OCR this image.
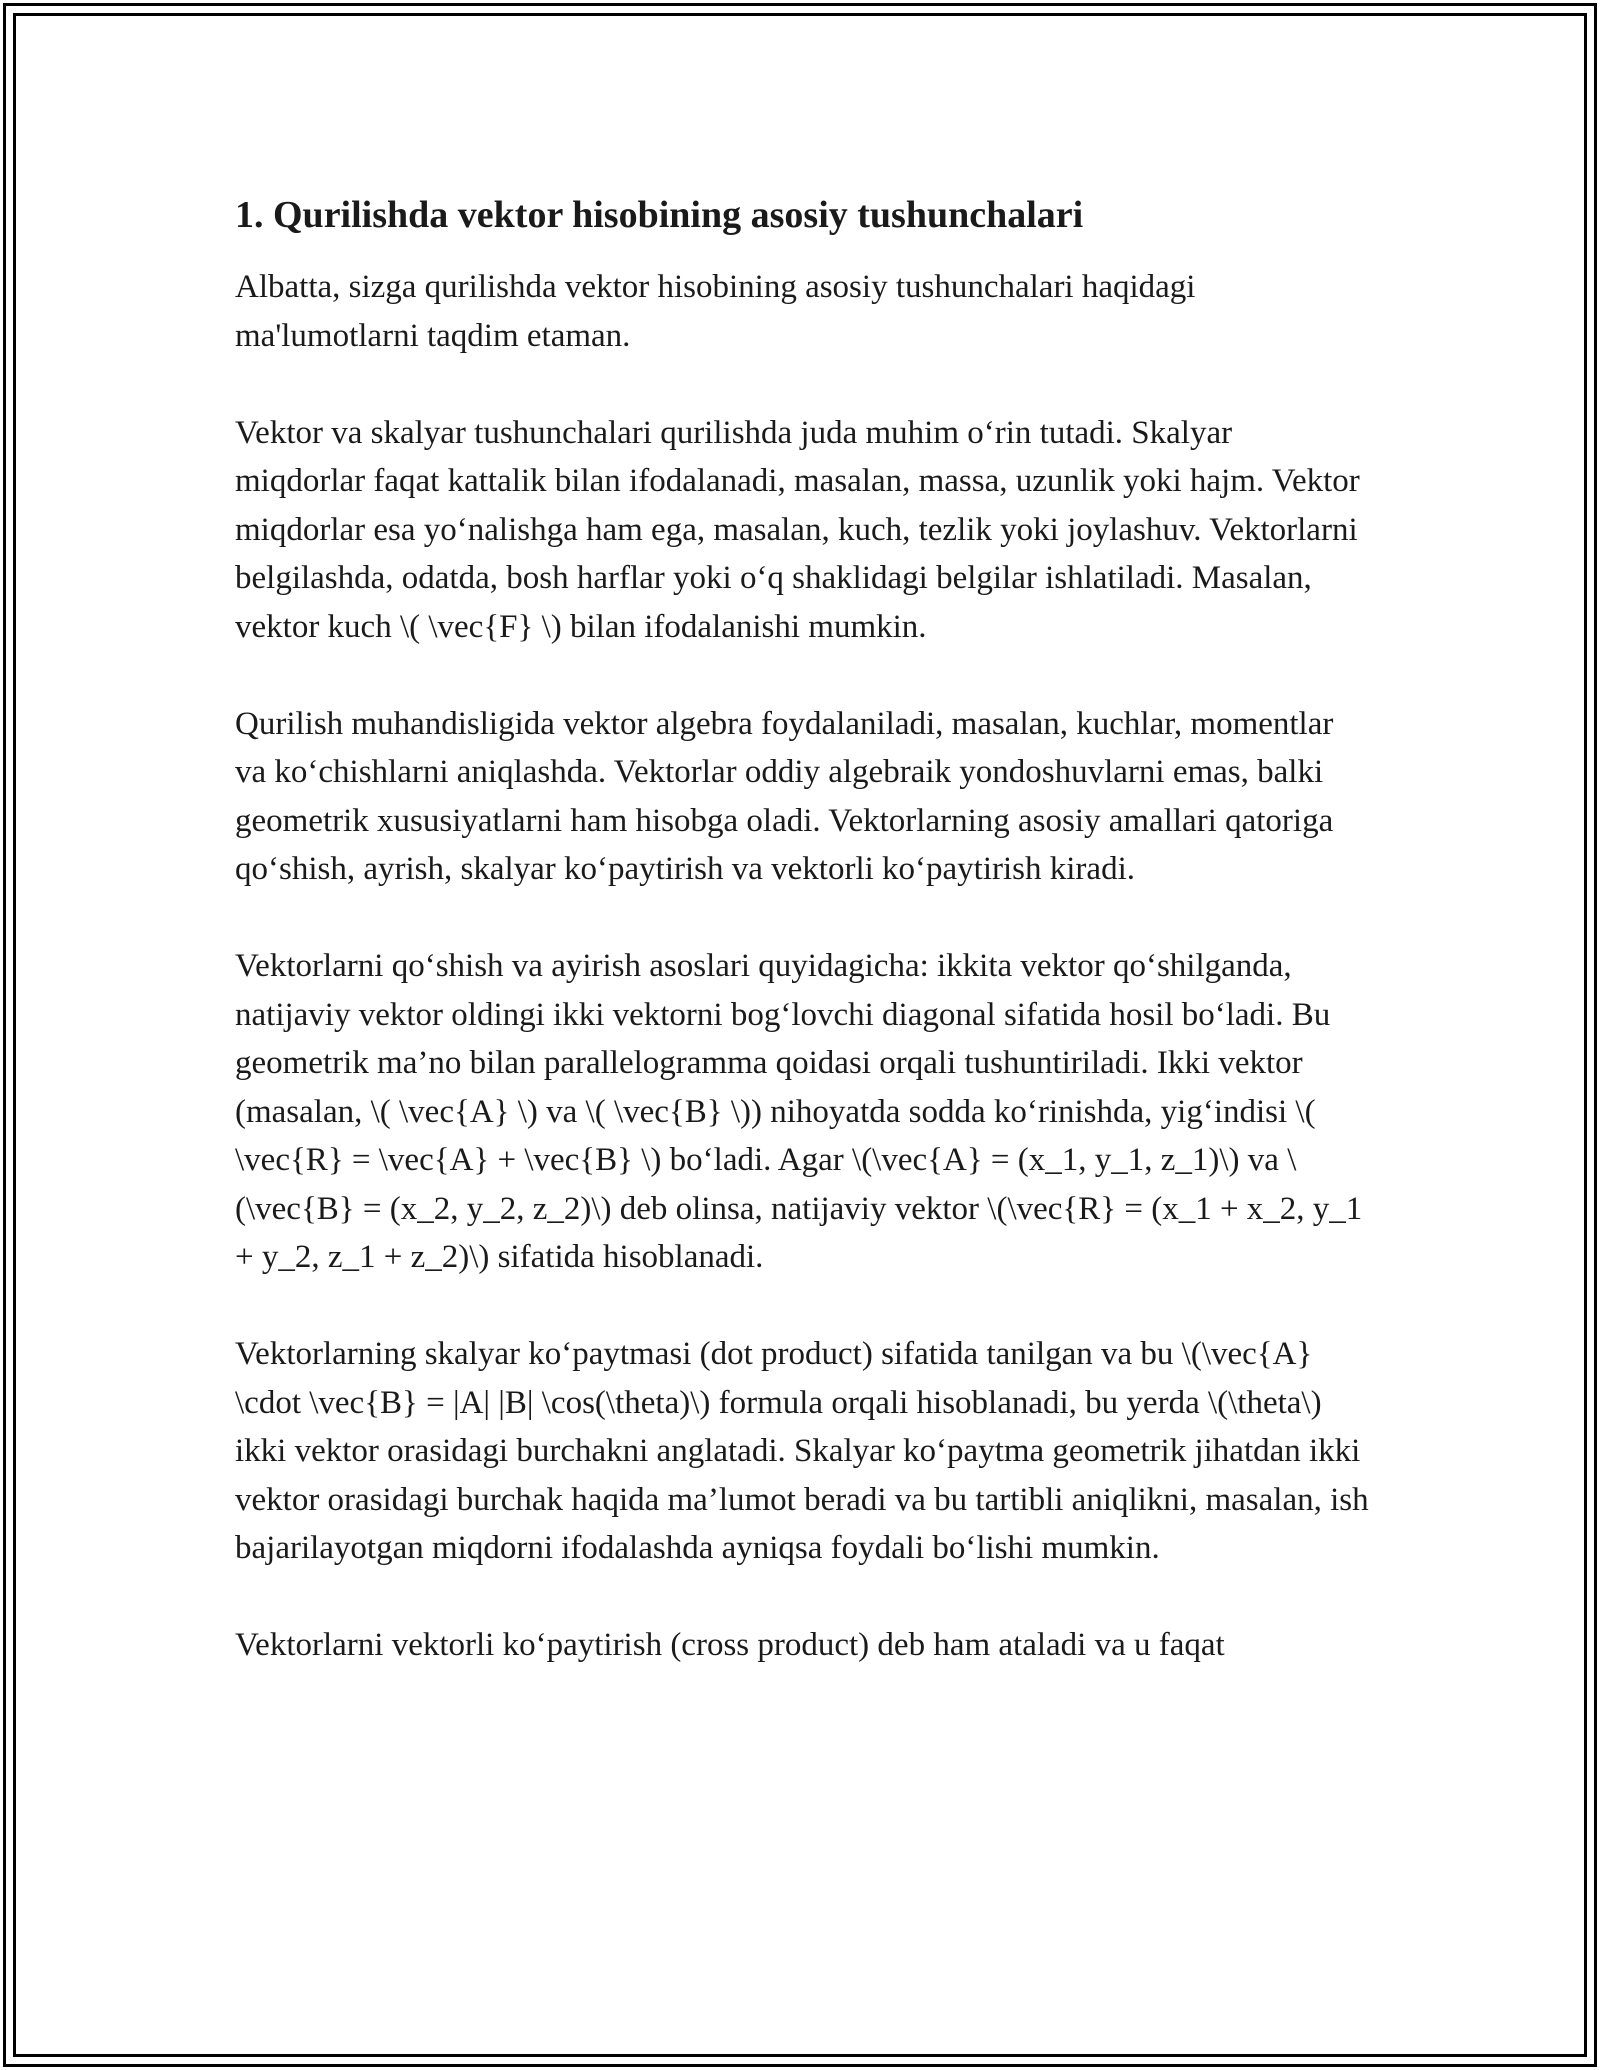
1. Qurilishda vektor hisobining asosiy tushunchalari

Albatta, sizga qurilishda vektor hisobining asosiy tushunchalari haqidagi ma'lumotlarni taqdim etaman.

Vektor va skalyar tushunchalari qurilishda juda muhim o‘rin tutadi. Skalyar miqdorlar faqat kattalik bilan ifodalanadi, masalan, massa, uzunlik yoki hajm. Vektor miqdorlar esa yo‘nalishga ham ega, masalan, kuch, tezlik yoki joylashuv. Vektorlarni belgilashda, odatda, bosh harflar yoki o‘q shaklidagi belgilar ishlatiladi. Masalan, vektor kuch \( \vec{F} \) bilan ifodalanishi mumkin.

Qurilish muhandisligida vektor algebra foydalaniladi, masalan, kuchlar, momentlar va ko‘chishlarni aniqlashda. Vektorlar oddiy algebraik yondoshuvlarni emas, balki geometrik xususiyatlarni ham hisobga oladi. Vektorlarning asosiy amallari qatoriga qo‘shish, ayrish, skalyar ko‘paytirish va vektorli ko‘paytirish kiradi.

Vektorlarni qo‘shish va ayirish asoslari quyidagicha: ikkita vektor qo‘shilganda, natijaviy vektor oldingi ikki vektorni bog‘lovchi diagonal sifatida hosil bo‘ladi. Bu geometrik ma’no bilan parallelogramma qoidasi orqali tushuntiriladi. Ikki vektor (masalan, \( \vec{A} \) va \( \vec{B} \)) nihoyatda sodda ko‘rinishda, yig‘indisi \( \vec{R} = \vec{A} + \vec{B} \) bo‘ladi. Agar \(\vec{A} = (x_1, y_1, z_1)\) va \(\vec{B} = (x_2, y_2, z_2)\) deb olinsa, natijaviy vektor \(\vec{R} = (x_1 + x_2, y_1 + y_2, z_1 + z_2)\) sifatida hisoblanadi.

Vektorlarning skalyar ko‘paytmasi (dot product) sifatida tanilgan va bu \(\vec{A} \cdot \vec{B} = |A| |B| \cos(\theta)\) formula orqali hisoblanadi, bu yerda \(\theta\) ikki vektor orasidagi burchakni anglatadi. Skalyar ko‘paytma geometrik jihatdan ikki vektor orasidagi burchak haqida ma’lumot beradi va bu tartibli aniqlikni, masalan, ish bajarilayotgan miqdorni ifodalashda ayniqsa foydali bo‘lishi mumkin.

Vektorlarni vektorli ko‘paytirish (cross product) deb ham ataladi va u faqat
